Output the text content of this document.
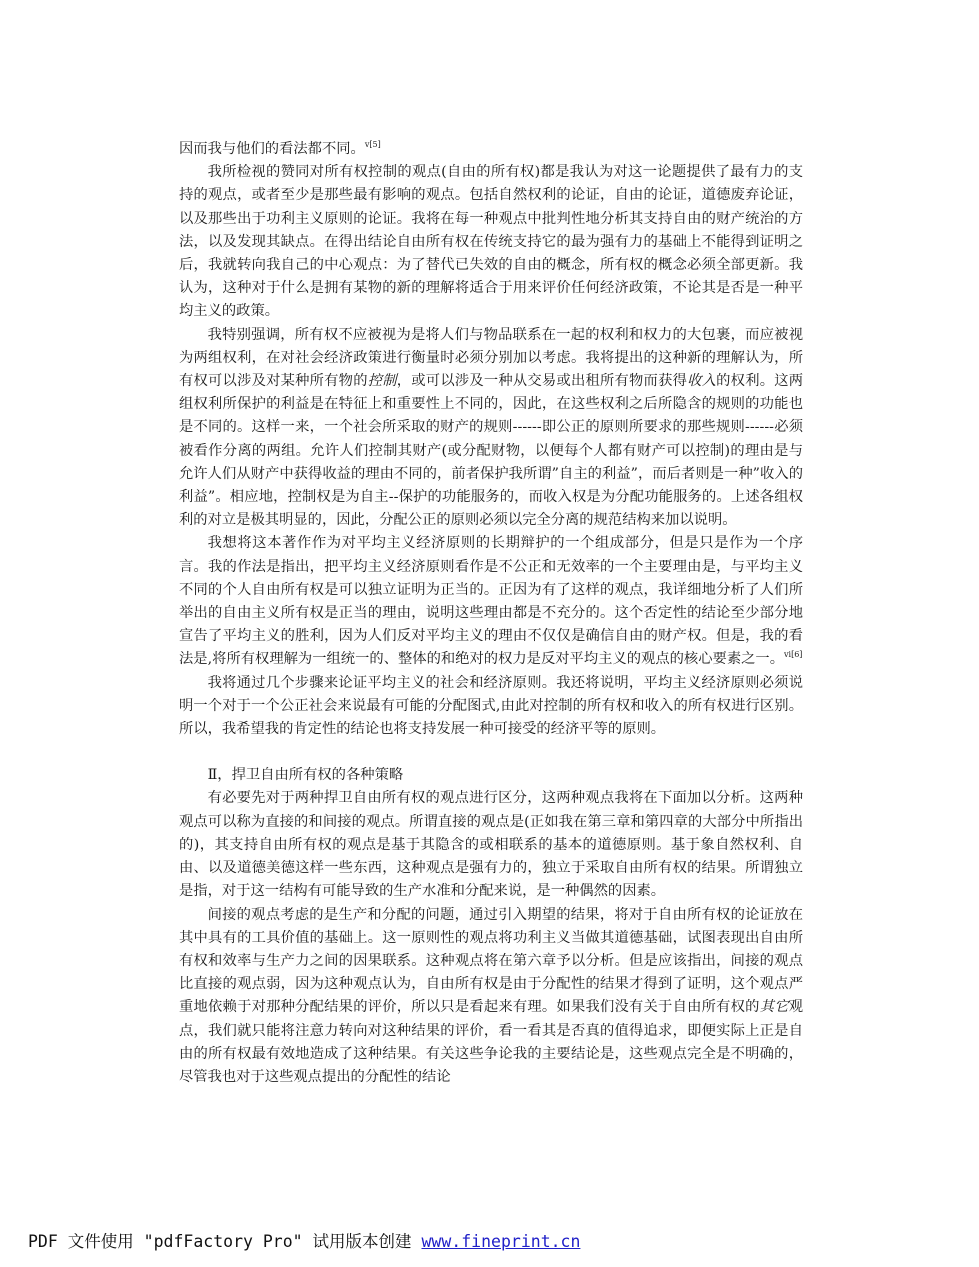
因而我与他们的看法都不同。$^{v[5]}$

我所检视的赞同对所有权控制的观点(自由的所有权)都是我认为对这一论题提供了最有力的支持的观点，或者至少是那些最有影响的观点。包括自然权利的论证，自由的论证，道德废弃论证，以及那些出于功利主义原则的论证。我将在每一种观点中批判性地分析其支持自由的财产统治的方法，以及发现其缺点。在得出结论自由所有权在传统支持它的最为强有力的基础上不能得到证明之后，我就转向我自己的中心观点：为了替代已失效的自由的概念，所有权的概念必须全部更新。我认为，这种对于什么是拥有某物的新的理解将适合于用来评价任何经济政策，不论其是否是一种平均主义的政策。

我特别强调，所有权不应被视为是将人们与物品联系在一起的权利和权力的大包裹，而应被视为两组权利，在对社会经济政策进行衡量时必须分别加以考虑。我将提出的这种新的理解认为，所有权可以涉及对某种所有物的控制，或可以涉及一种从交易或出租所有物而获得收入的权利。这两组权利所保护的利益是在特征上和重要性上不同的，因此，在这些权利之后所隐含的规则的功能也是不同的。这样一来，一个社会所采取的财产的规则------即公正的原则所要求的那些规则------必须被看作分离的两组。允许人们控制其财产(或分配财物，以便每个人都有财产可以控制)的理由是与允许人们从财产中获得收益的理由不同的，前者保护我所谓”自主的利益”，而后者则是一种”收入的利益”。相应地，控制权是为自主--保护的功能服务的，而收入权是为分配功能服务的。上述各组权利的对立是极其明显的，因此，分配公正的原则必须以完全分离的规范结构来加以说明。

我想将这本著作作为对平均主义经济原则的长期辩护的一个组成部分，但是只是作为一个序言。我的作法是指出，把平均主义经济原则看作是不公正和无效率的一个主要理由是，与平均主义不同的个人自由所有权是可以独立证明为正当的。正因为有了这样的观点，我详细地分析了人们所举出的自由主义所有权是正当的理由，说明这些理由都是不充分的。这个否定性的结论至少部分地宣告了平均主义的胜利，因为人们反对平均主义的理由不仅仅是确信自由的财产权。但是，我的看法是,将所有权理解为一组统一的、整体的和绝对的权力是反对平均主义的观点的核心要素之一。$^{vi[6]}$

我将通过几个步骤来论证平均主义的社会和经济原则。我还将说明，平均主义经济原则必须说明一个对于一个公正社会来说最有可能的分配图式,由此对控制的所有权和收入的所有权进行区别。所以，我希望我的肯定性的结论也将支持发展一种可接受的经济平等的原则。

Ⅱ，捍卫自由所有权的各种策略

有必要先对于两种捍卫自由所有权的观点进行区分，这两种观点我将在下面加以分析。这两种观点可以称为直接的和间接的观点。所谓直接的观点是(正如我在第三章和第四章的大部分中所指出的)，其支持自由所有权的观点是基于其隐含的或相联系的基本的道德原则。基于象自然权利、自由、以及道德美德这样一些东西，这种观点是强有力的，独立于采取自由所有权的结果。所谓独立是指，对于这一结构有可能导致的生产水准和分配来说，是一种偶然的因素。

间接的观点考虑的是生产和分配的问题，通过引入期望的结果，将对于自由所有权的论证放在其中具有的工具价值的基础上。这一原则性的观点将功利主义当做其道德基础，试图表现出自由所有权和效率与生产力之间的因果联系。这种观点将在第六章予以分析。但是应该指出，间接的观点比直接的观点弱，因为这种观点认为，自由所有权是由于分配性的结果才得到了证明，这个观点严重地依赖于对那种分配结果的评价，所以只是看起来有理。如果我们没有关于自由所有权的其它观点，我们就只能将注意力转向对这种结果的评价，看一看其是否真的值得追求，即便实际上正是自由的所有权最有效地造成了这种结果。有关这些争论我的主要结论是，这些观点完全是不明确的，尽管我也对于这些观点提出的分配性的结论

PDF 文件使用 "pdfFactory Pro" 试用版本创建 www.fineprint.cn
